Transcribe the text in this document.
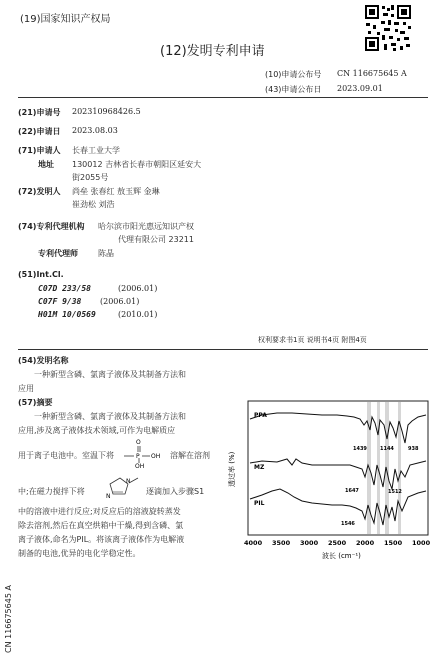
(19)国家知识产权局
(12)发明专利申请
(10)申请公布号 CN 116675645 A
(43)申请公布日 2023.09.01
(21)申请号 202310968426.5
(22)申请日 2023.08.03
(71)申请人 长春工业大学
地址 130012 吉林省长春市朝阳区延安大
街2055号
(72)发明人 尚垒 张春红 敖玉辉 金琳
崔劲松 刘浩
(74)专利代理机构 哈尔滨市阳光惠远知识产权
代理有限公司 23211
专利代理师	陈晶
(51)Int.Cl.
C07D 233/58	(2006.01)
C07F 9/38 (2006.01)
H01M 10/0569	(2010.01)
权利要求书1页 说明书4页 附图4页
(54)发明名称
一种新型含磷、氯离子液体及其制备方法和
应用
(57)摘要
一种新型含磷、氯离子液体及其制备方法和
应用,涉及离子液体技术领域,可作为电解质应
用于离子电池中。室温下将
O
P OH
OH
溶解在溶剂
中;在磁力搅拌下将
N
N
逐滴加入步骤S1
中的溶液中进行反应;对反应后的溶液旋转蒸发
除去溶剂,然后在真空烘箱中干燥,得到含磷、氯
离子液体,命名为PIL。将该离子液体作为电解液
制备的电池,优异的电化学稳定性。
PPA
MZ
PIL
1439	1144	938
1647	1512
1546
透过率 (%)
4000 3500 3000 2500 2000 1500 1000
波长 (cm⁻¹)
CN 116675645 A
